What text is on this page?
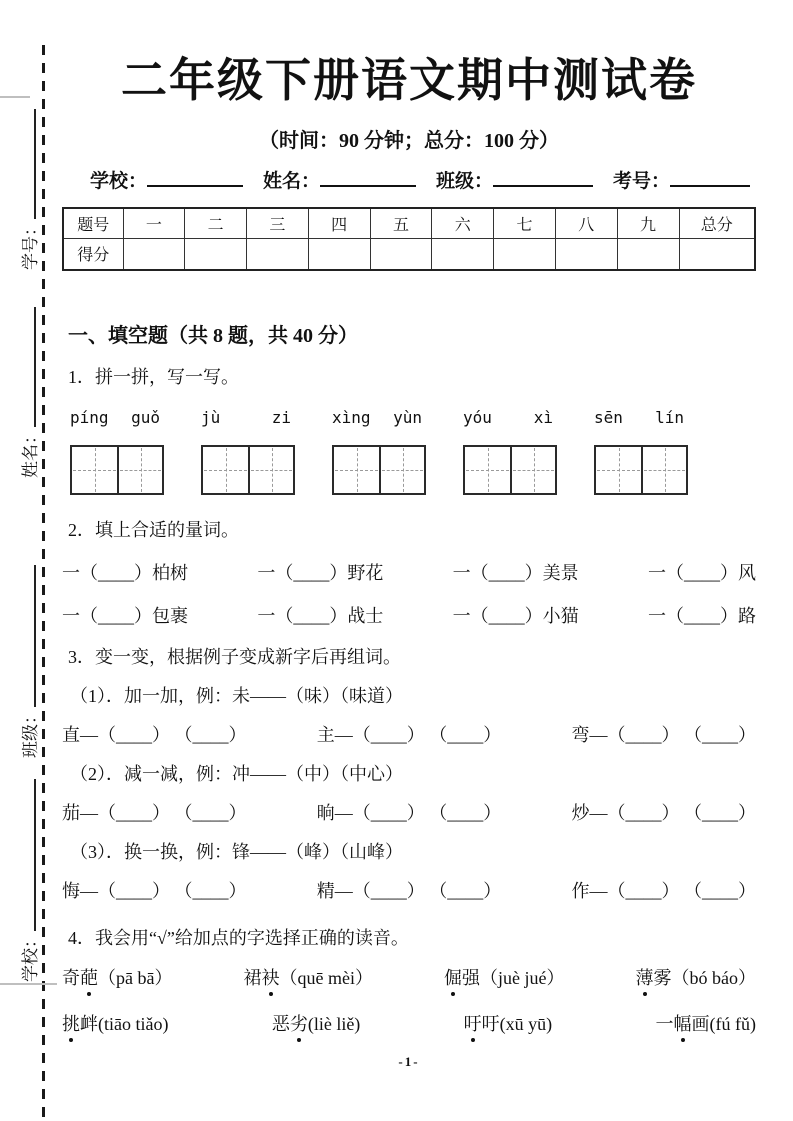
学号：
姓名：
班级：
学校：
二年级下册语文期中测试卷
（时间：90 分钟；总分：100 分）
学校：	姓名：	班级：	考号：
题号	一	二	三	四	五	六	七	八	九	总分
得分										
一、填空题（共 8 题，共 40 分）
1．拼一拼，写一写。
píng guǒ	jù	zi	xìng yùn	yóu	xì	sēn lín
2．填上合适的量词。
一（____）柏树	一（____）野花	一（____）美景	一（____）风
一（____）包裹	一（____）战士	一（____）小猫	一（____）路
3．变一变，根据例子变成新字后再组词。
（1）．加一加，例：未——（味）（味道）
直—（____） （____）	主—（____） （____）	弯—（____） （____）
（2）．减一减，例：冲——（中）（中心）
茄—（____） （____）	晌—（____） （____）	炒—（____） （____）
（3）．换一换，例：锋——（峰）（山峰）
悔—（____） （____）	精—（____） （____）	作—（____） （____）
4．我会用“√”给加点的字选择正确的读音。
奇葩（pā bā）	裙袂（quē mèi）	倔强（juè jué）	薄雾（bó báo）
挑衅(tiāo tiǎo)	恶劣(liè liě)	吁吁(xū yū)	一幅画(fú fǔ)
-1-
